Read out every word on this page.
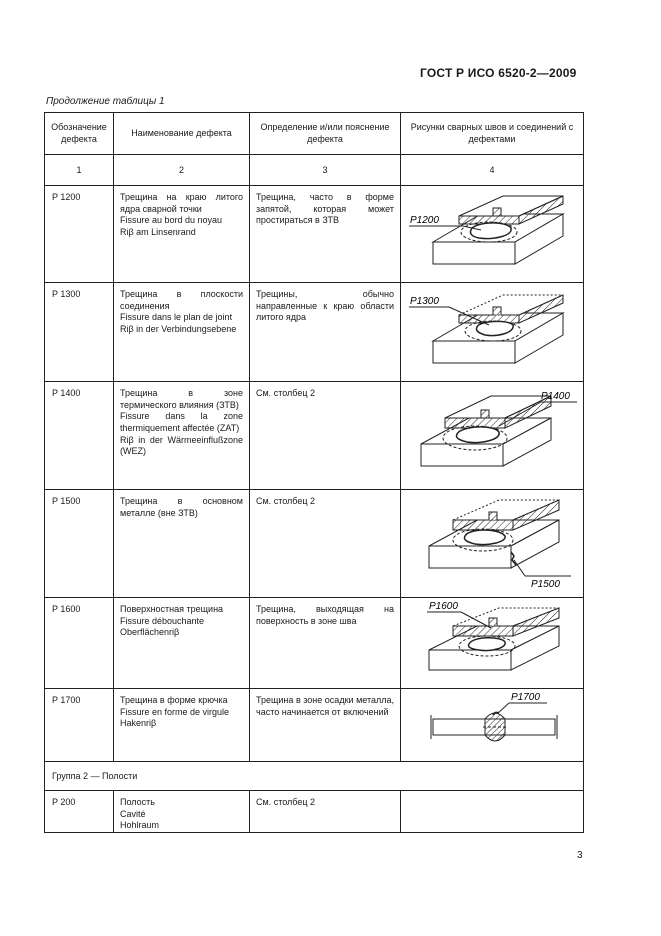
ГОСТ Р ИСО 6520-2—2009
Продолжение таблицы 1
Обозначение дефекта	Наименование дефекта	Определение и/или пояснение дефекта	Рисунки сварных швов и соединений с дефектами
1	2	3	4
P 1200	Трещина на краю литого ядра сварной точки
Fissure au bord du noyau
Riβ am Linsenrand	Трещина, часто в форме запятой, которая может простираться в ЗТВ	P1200

P 1300	Трещина в плоскости соединения
Fissure dans le plan de joint
Riβ in der Verbindungsebene	Трещины, обычно направленные к краю области литого ядра	P1300

P 1400	Трещина в зоне термического влияния (ЗТВ)
Fissure dans la zone thermiquement affectée (ZAT)
Riβ in der Wärmeeinflußzone (WEZ)	См. столбец 2	P1400

P 1500	Трещина в основном металле (вне ЗТВ)	См. столбец 2	P1500

P 1600	Поверхностная трещина
Fissure débouchante
Oberflächenriβ	Трещина, выходящая на поверхность в зоне шва	P1600

P 1700	Трещина в форме крючка
Fissure en forme de virgule
Hakenriβ	Трещина в зоне осадки металла, часто начинается от включений	P1700

Группа 2 — Полости			
P 200	Полость
Cavité
Hohlraum	См. столбец 2	

3
